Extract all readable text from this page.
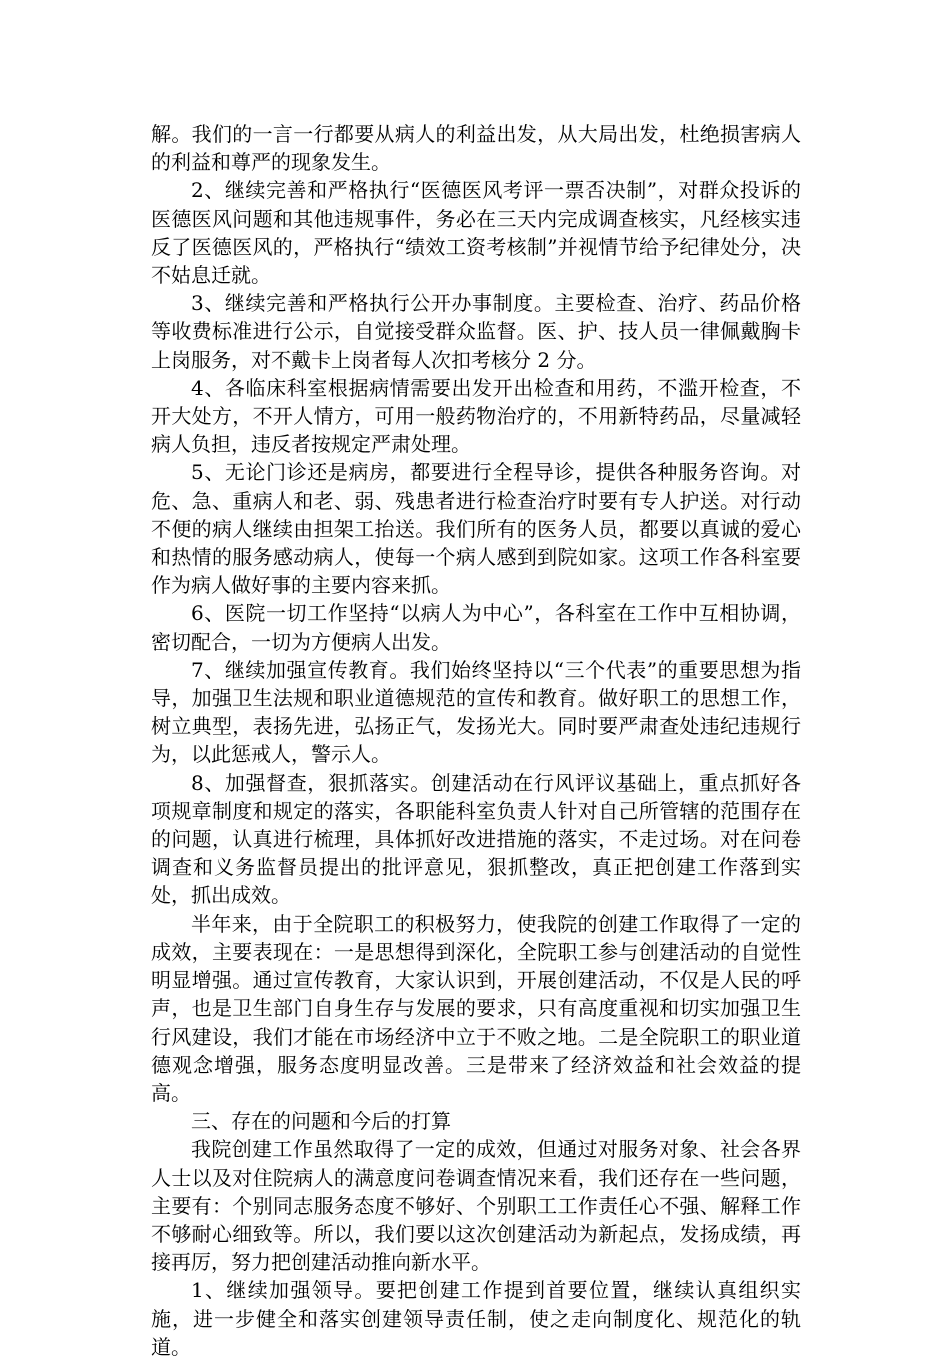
解。我们的一言一行都要从病人的利益出发，从大局出发，杜绝损害病人的利益和尊严的现象发生。

2、继续完善和严格执行“医德医风考评一票否决制”，对群众投诉的医德医风问题和其他违规事件，务必在三天内完成调查核实，凡经核实违反了医德医风的，严格执行“绩效工资考核制”并视情节给予纪律处分，决不姑息迁就。

3、继续完善和严格执行公开办事制度。主要检查、治疗、药品价格等收费标准进行公示，自觉接受群众监督。医、护、技人员一律佩戴胸卡上岗服务，对不戴卡上岗者每人次扣考核分 2 分。

4、各临床科室根据病情需要出发开出检查和用药，不滥开检查，不开大处方，不开人情方，可用一般药物治疗的，不用新特药品，尽量减轻病人负担，违反者按规定严肃处理。

5、无论门诊还是病房，都要进行全程导诊，提供各种服务咨询。对危、急、重病人和老、弱、残患者进行检查治疗时要有专人护送。对行动不便的病人继续由担架工抬送。我们所有的医务人员，都要以真诚的爱心和热情的服务感动病人，使每一个病人感到到院如家。这项工作各科室要作为病人做好事的主要内容来抓。

6、医院一切工作坚持“以病人为中心”，各科室在工作中互相协调，密切配合，一切为方便病人出发。

7、继续加强宣传教育。我们始终坚持以“三个代表”的重要思想为指导，加强卫生法规和职业道德规范的宣传和教育。做好职工的思想工作，树立典型，表扬先进，弘扬正气，发扬光大。同时要严肃查处违纪违规行为，以此惩戒人，警示人。

8、加强督查，狠抓落实。创建活动在行风评议基础上，重点抓好各项规章制度和规定的落实，各职能科室负责人针对自己所管辖的范围存在的问题，认真进行梳理，具体抓好改进措施的落实，不走过场。对在问卷调查和义务监督员提出的批评意见，狠抓整改，真正把创建工作落到实处，抓出成效。

半年来，由于全院职工的积极努力，使我院的创建工作取得了一定的成效，主要表现在：一是思想得到深化，全院职工参与创建活动的自觉性明显增强。通过宣传教育，大家认识到，开展创建活动，不仅是人民的呼声，也是卫生部门自身生存与发展的要求，只有高度重视和切实加强卫生行风建设，我们才能在市场经济中立于不败之地。二是全院职工的职业道德观念增强，服务态度明显改善。三是带来了经济效益和社会效益的提高。

三、存在的问题和今后的打算

我院创建工作虽然取得了一定的成效，但通过对服务对象、社会各界人士以及对住院病人的满意度问卷调查情况来看，我们还存在一些问题，主要有：个别同志服务态度不够好、个别职工工作责任心不强、解释工作不够耐心细致等。所以，我们要以这次创建活动为新起点，发扬成绩，再接再厉，努力把创建活动推向新水平。

1、继续加强领导。要把创建工作提到首要位置，继续认真组织实施，进一步健全和落实创建领导责任制，使之走向制度化、规范化的轨道。
